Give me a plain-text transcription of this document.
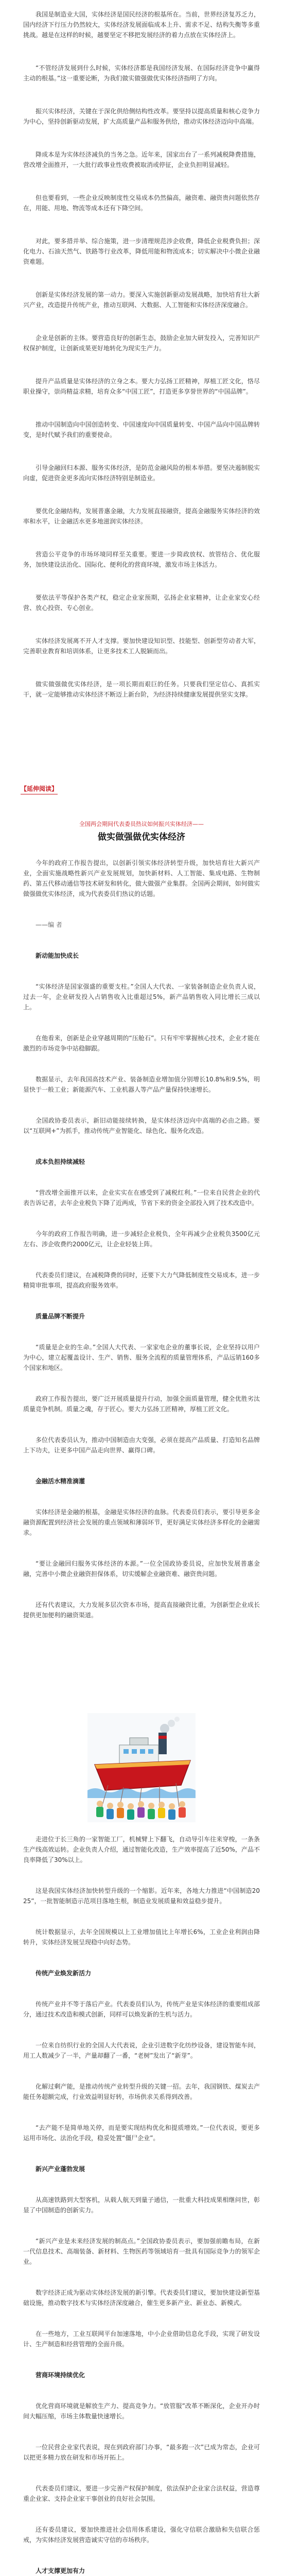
我国是制造业大国，实体经济是国民经济的根基所在。当前，世界经济复苏乏力，国内经济下行压力仍然较大，实体经济发展面临成本上升、需求不足、结构失衡等多重挑战。越是在这样的时候，越要坚定不移把发展经济的着力点放在实体经济上。

“不管经济发展到什么时候，实体经济都是我国经济发展、在国际经济竞争中赢得主动的根基。”这一重要论断，为我们做实做强做优实体经济指明了方向。

振兴实体经济，关键在于深化供给侧结构性改革。要坚持以提高质量和核心竞争力为中心，坚持创新驱动发展，扩大高质量产品和服务供给，推动实体经济迈向中高端。

降成本是为实体经济减负的当务之急。近年来，国家出台了一系列减税降费措施，营改增全面推开，一大批行政事业性收费被取消或停征，企业负担明显减轻。

但也要看到，一些企业反映制度性交易成本仍然偏高，融资难、融资贵问题依然存在，用能、用地、物流等成本还有下降空间。

对此，要多措并举、综合施策，进一步清理规范涉企收费，降低企业税费负担；深化电力、石油天然气、铁路等行业改革，降低用能和物流成本；切实解决中小微企业融资难题。

创新是实体经济发展的第一动力。要深入实施创新驱动发展战略，加快培育壮大新兴产业，改造提升传统产业，推动互联网、大数据、人工智能和实体经济深度融合。

企业是创新的主体。要营造良好的创新生态，鼓励企业加大研发投入，完善知识产权保护制度，让创新成果更好地转化为现实生产力。

提升产品质量是实体经济的立身之本。要大力弘扬工匠精神，厚植工匠文化，恪尽职业操守，崇尚精益求精，培育众多“中国工匠”，打造更多享誉世界的“中国品牌”。

推动中国制造向中国创造转变、中国速度向中国质量转变、中国产品向中国品牌转变，是时代赋予我们的重要使命。

引导金融回归本源、服务实体经济，是防范金融风险的根本举措。要坚决遏制脱实向虚，促进资金更多流向实体经济特别是制造业。

要优化金融结构，发展普惠金融，大力发展直接融资，提高金融服务实体经济的效率和水平，让金融活水更多地滋润实体经济。

营造公平竞争的市场环境同样至关重要。要进一步简政放权、放管结合、优化服务，加快建设法治化、国际化、便利化的营商环境，激发市场主体活力。

要依法平等保护各类产权，稳定企业家预期，弘扬企业家精神，让企业家安心经营、放心投资、专心创业。

实体经济发展离不开人才支撑。要加快建设知识型、技能型、创新型劳动者大军，完善职业教育和培训体系，让更多技术工人脱颖而出。

做实做强做优实体经济，是一项长期而艰巨的任务。只要我们坚定信心、真抓实干，就一定能够推动实体经济不断迈上新台阶，为经济持续健康发展提供坚实支撑。

【延伸阅读】
全国两会期间代表委员热议如何振兴实体经济——
做实做强做优实体经济

今年的政府工作报告提出，以创新引领实体经济转型升级，加快培育壮大新兴产业，全面实施战略性新兴产业发展规划，加快新材料、人工智能、集成电路、生物制药、第五代移动通信等技术研发和转化，做大做强产业集群。全国两会期间，如何做实做强做优实体经济，成为代表委员们热议的话题。

——编 者

新动能加快成长

“实体经济是国家强盛的重要支柱。”全国人大代表、一家装备制造企业负责人说，过去一年，企业研发投入占销售收入比重超过5%，新产品销售收入同比增长三成以上。

在他看来，创新是企业穿越周期的“压舱石”。只有牢牢掌握核心技术，企业才能在激烈的市场竞争中站稳脚跟。

数据显示，去年我国高技术产业、装备制造业增加值分别增长10.8%和9.5%，明显快于一般工业；新能源汽车、工业机器人等产品产量保持快速增长。

全国政协委员表示，新旧动能接续转换，是实体经济迈向中高端的必由之路。要以“互联网+”为抓手，推动传统产业智能化、绿色化、服务化改造。

成本负担持续减轻

“营改增全面推开以来，企业实实在在感受到了减税红利。”一位来自民营企业的代表告诉记者，去年企业税负下降了近两成，节省下来的资金全部投入到了技术改造中。

今年的政府工作报告明确，进一步减轻企业税负，全年再减少企业税负3500亿元左右、涉企收费约2000亿元，让企业轻装上阵。

代表委员们建议，在减税降费的同时，还要下大力气降低制度性交易成本，进一步精简审批事项，提高政府服务效率。

质量品牌不断提升

“质量是企业的生命。”全国人大代表、一家家电企业的董事长说，企业坚持以用户为中心，建立起覆盖设计、生产、销售、服务全流程的质量管理体系，产品远销160多个国家和地区。

政府工作报告提出，要广泛开展质量提升行动，加强全面质量管理，健全优胜劣汰质量竞争机制。质量之魂，存于匠心。要大力弘扬工匠精神，厚植工匠文化。

多位代表委员认为，推动中国制造由大变强，必须在提高产品质量、打造知名品牌上下功夫，让更多中国产品走向世界、赢得口碑。

金融活水精准滴灌

实体经济是金融的根基，金融是实体经济的血脉。代表委员们表示，要引导更多金融资源配置到经济社会发展的重点领域和薄弱环节，更好满足实体经济多样化的金融需求。

“要让金融回归服务实体经济的本源。”一位全国政协委员说，应加快发展普惠金融，完善中小微企业融资担保体系，切实缓解企业融资难、融资贵问题。

还有代表建议，大力发展多层次资本市场，提高直接融资比重，为创新型企业成长提供更加便利的融资渠道。

走进位于长三角的一家智能工厂，机械臂上下翻飞，自动导引车往来穿梭，一条条生产线高效运转。企业负责人介绍，通过智能化改造，生产效率提高了近50%，产品不良率降低了30%以上。

这是我国实体经济加快转型升级的一个缩影。近年来，各地大力推进“中国制造2025”，一批智能制造示范项目落地生根，制造业发展质量和效益稳步提升。

统计数据显示，去年全国规模以上工业增加值比上年增长6%，工业企业利润由降转升，实体经济发展呈现稳中向好态势。

传统产业焕发新活力

传统产业并不等于落后产业。代表委员们认为，传统产业是实体经济的重要组成部分，通过技术改造和模式创新，同样可以焕发新的生机与活力。

一位来自纺织行业的全国人大代表说，企业引进数字化纺纱设备，建设智能车间，用工人数减少了一半，产量却翻了一番，“老树”发出了“新芽”。

化解过剩产能，是推动传统产业转型升级的关键一招。去年，我国钢铁、煤炭去产能任务超额完成，行业效益明显好转，市场供求关系得到改善。

“去产能不是简单地关停，而是要实现结构优化和提质增效。”一位代表说，要更多运用市场化、法治化手段，稳妥处置“僵尸企业”。

新兴产业蓬勃发展

从高速铁路到大型客机，从载人航天到量子通信，一批重大科技成果相继问世，彰显了中国制造的创新实力。

“新兴产业是未来经济发展的制高点。”全国政协委员表示，要加强前瞻布局，在新一代信息技术、高端装备、新材料、生物医药等领域培育一批具有国际竞争力的领军企业。

数字经济正成为驱动实体经济发展的新引擎。代表委员们建议，要加快建设新型基础设施，推动数字技术与实体经济深度融合，催生更多新产业、新业态、新模式。

在一些地方，工业互联网平台加速落地，中小企业借助信息化手段，实现了研发设计、生产制造和经营管理的全面升级。

营商环境持续优化

优化营商环境就是解放生产力、提高竞争力。“放管服”改革不断深化，企业开办时间大幅压缩，市场主体数量快速增长。

一位民营企业家代表说，现在到政府部门办事，“最多跑一次”已成为常态，企业可以把更多精力放在研发和市场开拓上。

代表委员们建议，要进一步完善产权保护制度，依法保护企业家合法权益，营造尊重企业家、支持企业家干事创业的良好社会氛围。

还有委员建议，要加快推进社会信用体系建设，强化守信联合激励和失信联合惩戒，为实体经济发展营造诚实守信的市场秩序。

人才支撑更加有力
